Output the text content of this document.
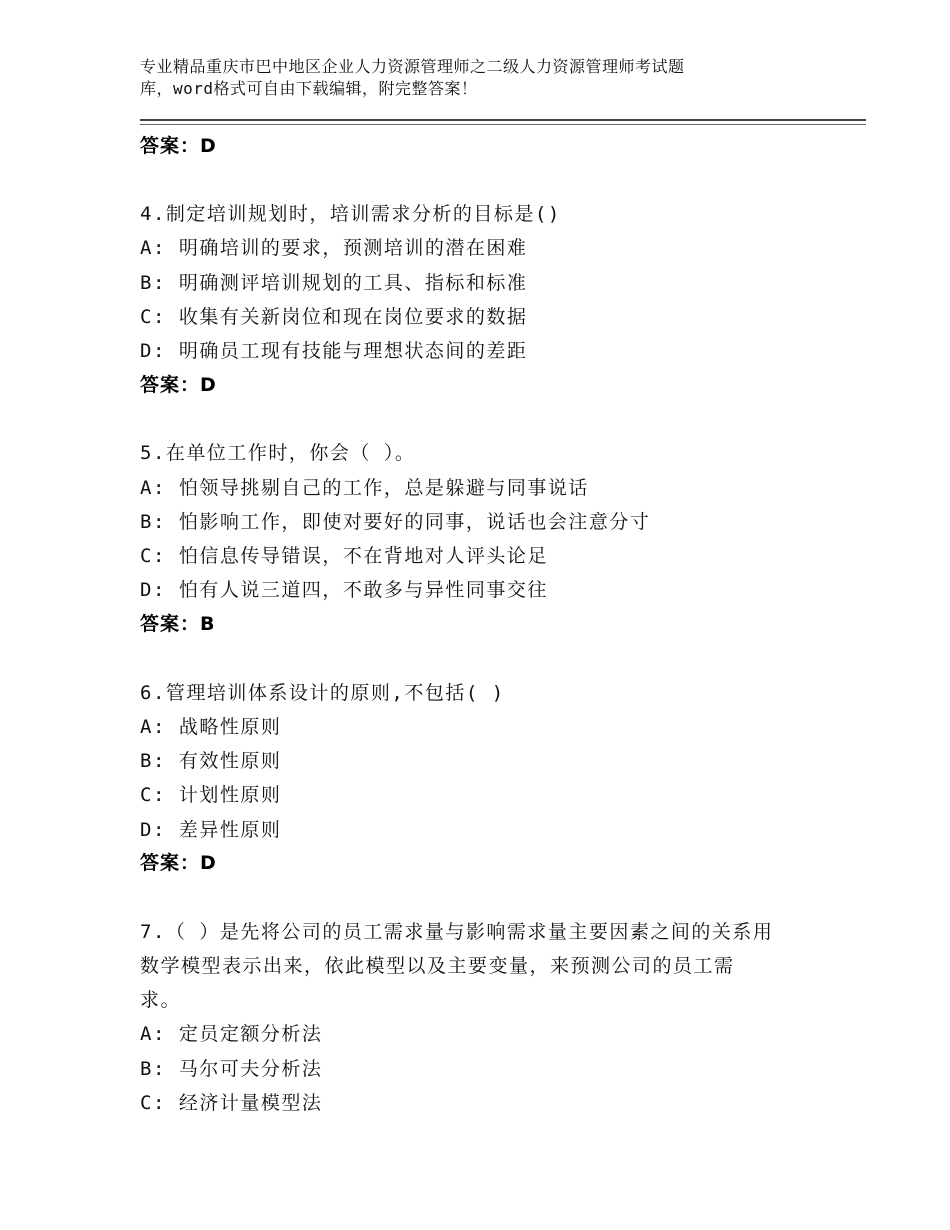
专业精品重庆市巴中地区企业人力资源管理师之二级人力资源管理师考试题
库，word格式可自由下载编辑，附完整答案！
答案：D
4.制定培训规划时，培训需求分析的目标是()
A: 明确培训的要求，预测培训的潜在困难
B: 明确测评培训规划的工具、指标和标准
C: 收集有关新岗位和现在岗位要求的数据
D: 明确员工现有技能与理想状态间的差距
答案：D
5.在单位工作时，你会（ ）。
A: 怕领导挑剔自己的工作，总是躲避与同事说话
B: 怕影响工作，即使对要好的同事，说话也会注意分寸
C: 怕信息传导错误，不在背地对人评头论足
D: 怕有人说三道四，不敢多与异性同事交往
答案：B
6.管理培训体系设计的原则,不包括( )
A: 战略性原则
B: 有效性原则
C: 计划性原则
D: 差异性原则
答案：D
7.（ ）是先将公司的员工需求量与影响需求量主要因素之间的关系用
数学模型表示出来，依此模型以及主要变量，来预测公司的员工需
求。
A: 定员定额分析法
B: 马尔可夫分析法
C: 经济计量模型法
